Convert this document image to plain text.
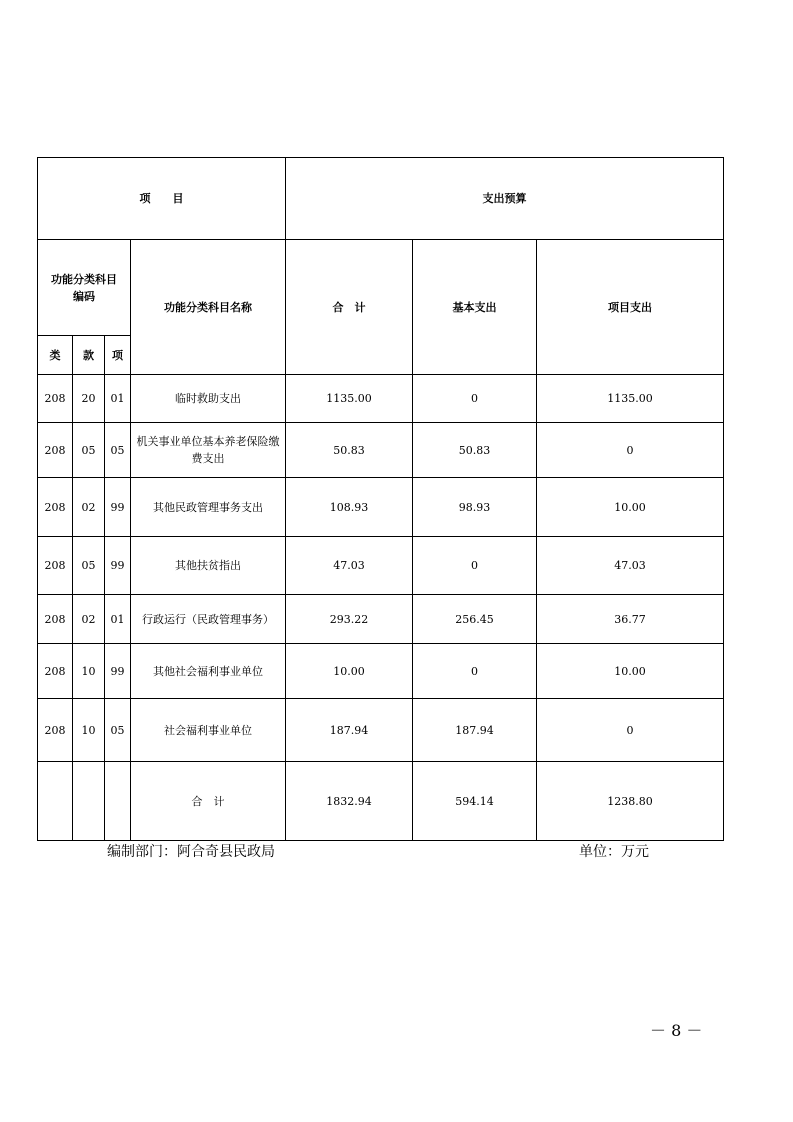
项　　目				支出预算		
功能分类科目编码			功能分类科目名称	合　计	基本支出	项目支出
类	款	项				
208	20	01	临时救助支出	1135.00	0	1135.00
208	05	05	机关事业单位基本养老保险缴费支出	50.83	50.83	0
208	02	99	其他民政管理事务支出	108.93	98.93	10.00
208	05	99	其他扶贫指出	47.03	0	47.03
208	02	01	行政运行（民政管理事务）	293.22	256.45	36.77
208	10	99	其他社会福利事业单位	10.00	0	10.00
208	10	05	社会福利事业单位	187.94	187.94	0
			合　计	1832.94	594.14	1238.80
编制部门：阿合奇县民政局	单位：万元
－ 8 －
